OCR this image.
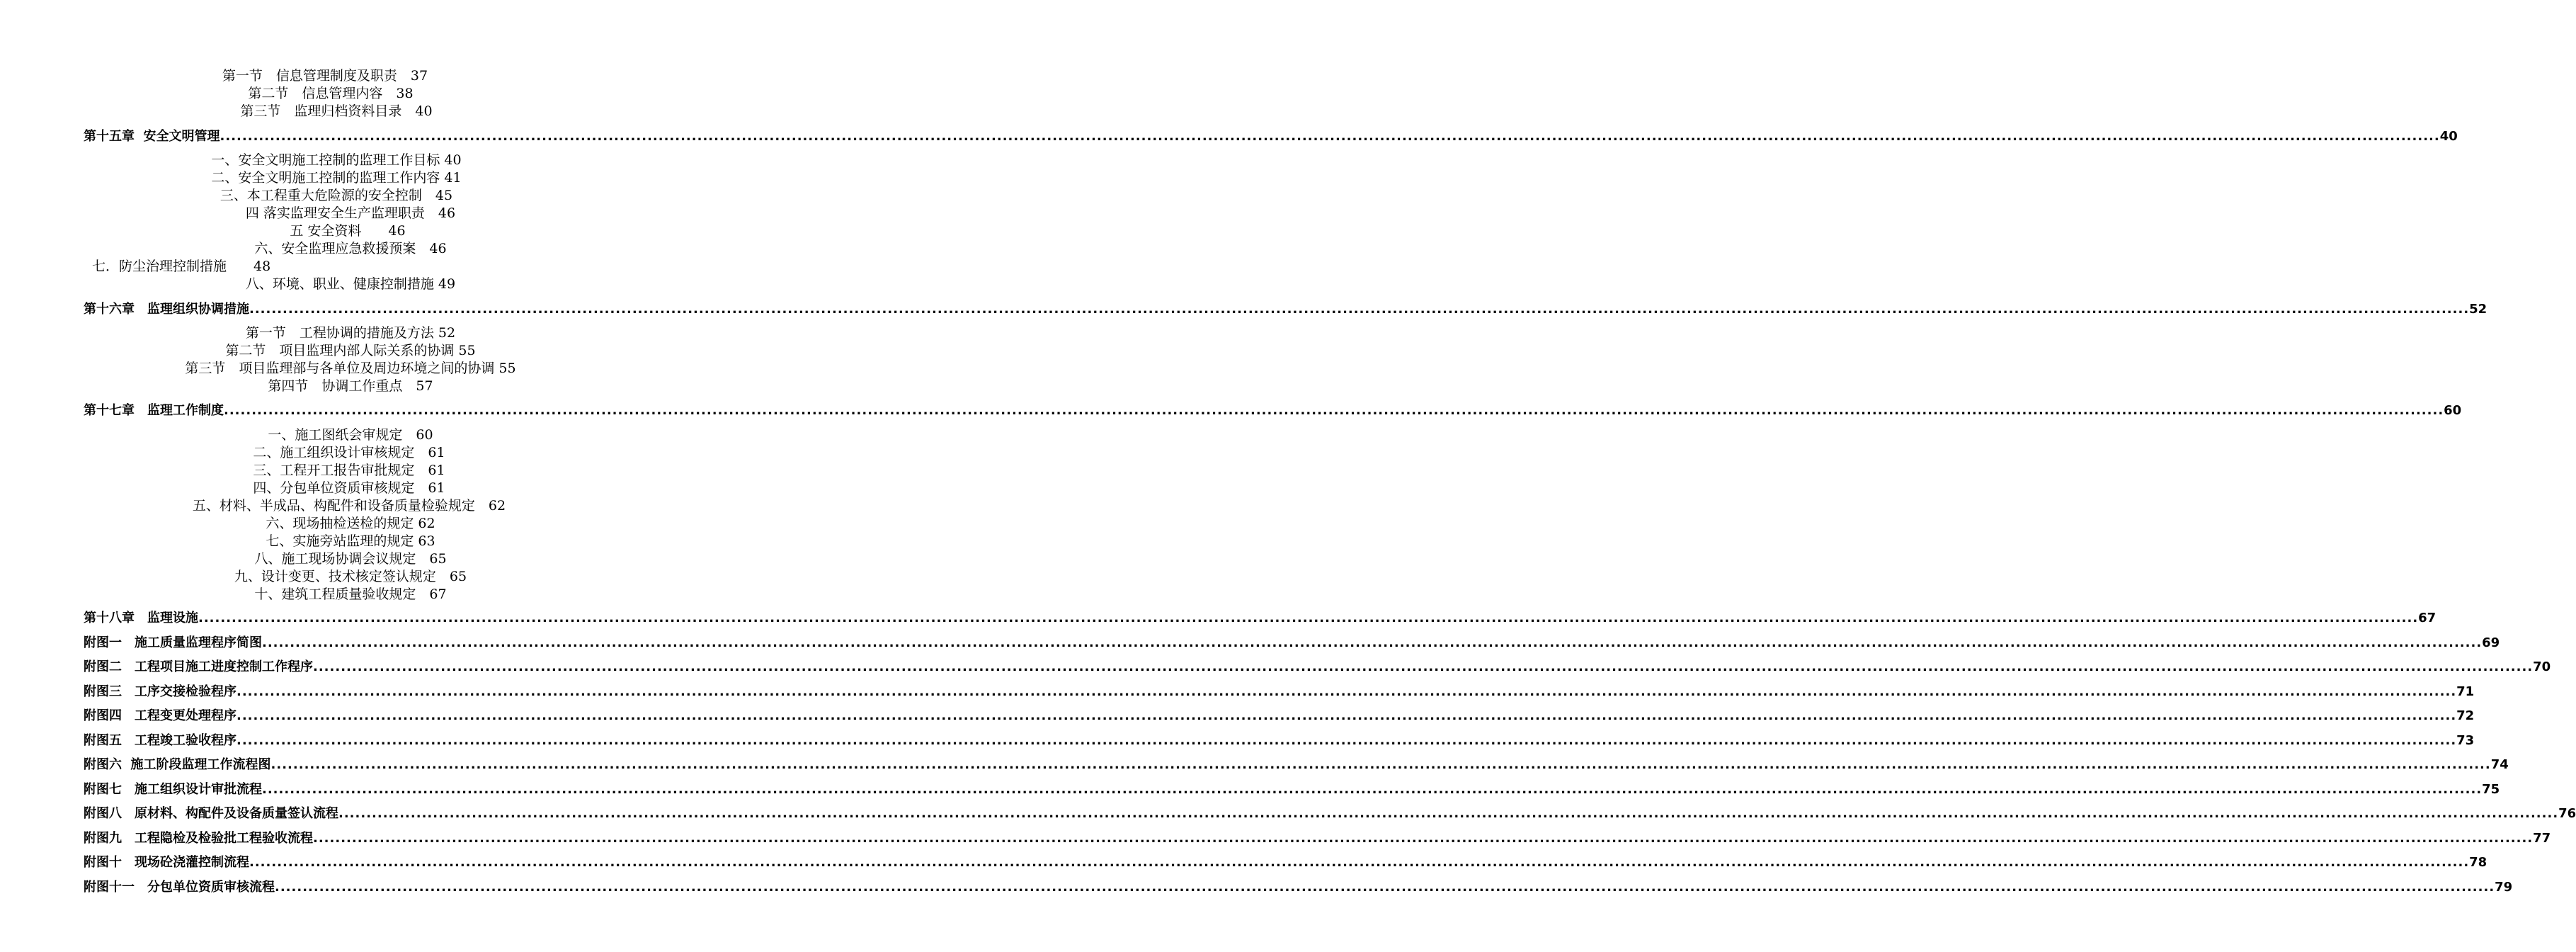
第一节　信息管理制度及职责　37
第二节　信息管理内容　38
第三节　监理归档资料目录　40
第十五章  安全文明管理 ................................................................................................................................................................................................................................................................................................................................................................................................................ 40
一、安全文明施工控制的监理工作目标 40
二、安全文明施工控制的监理工作内容 41
三、本工程重大危险源的安全控制　45
四 落实监理安全生产监理职责　46
五 安全资料　　46
六、安全监理应急救援预案　46
七．防尘治理控制措施　　48
八、环境、职业、健康控制措施 49
第十六章　监理组织协调措施 ................................................................................................................................................................................................................................................................................................................................................................................................................ 52
第一节　工程协调的措施及方法 52
第二节　项目监理内部人际关系的协调 55
第三节　项目监理部与各单位及周边环境之间的协调 55
第四节　协调工作重点　57
第十七章　监理工作制度 ................................................................................................................................................................................................................................................................................................................................................................................................................ 60
一、施工图纸会审规定　60
二、施工组织设计审核规定　61
三、工程开工报告审批规定　61
四、分包单位资质审核规定　61
五、材料、半成品、构配件和设备质量检验规定　62
六、现场抽检送检的规定 62
七、实施旁站监理的规定 63
八、施工现场协调会议规定　65
九、设计变更、技术核定签认规定　65
十、建筑工程质量验收规定　67
第十八章　监理设施 ................................................................................................................................................................................................................................................................................................................................................................................................................ 67
附图一　施工质量监理程序简图 ................................................................................................................................................................................................................................................................................................................................................................................................................ 69
附图二　工程项目施工进度控制工作程序 ................................................................................................................................................................................................................................................................................................................................................................................................................ 70
附图三　工序交接检验程序 ................................................................................................................................................................................................................................................................................................................................................................................................................ 71
附图四　工程变更处理程序 ................................................................................................................................................................................................................................................................................................................................................................................................................ 72
附图五　工程竣工验收程序 ................................................................................................................................................................................................................................................................................................................................................................................................................ 73
附图六  施工阶段监理工作流程图 ................................................................................................................................................................................................................................................................................................................................................................................................................ 74
附图七　施工组织设计审批流程 ................................................................................................................................................................................................................................................................................................................................................................................................................ 75
附图八　原材料、构配件及设备质量签认流程 ................................................................................................................................................................................................................................................................................................................................................................................................................ 76
附图九　工程隐检及检验批工程验收流程 ................................................................................................................................................................................................................................................................................................................................................................................................................ 77
附图十　现场砼浇灌控制流程 ................................................................................................................................................................................................................................................................................................................................................................................................................ 78
附图十一　分包单位资质审核流程 ................................................................................................................................................................................................................................................................................................................................................................................................................ 79
